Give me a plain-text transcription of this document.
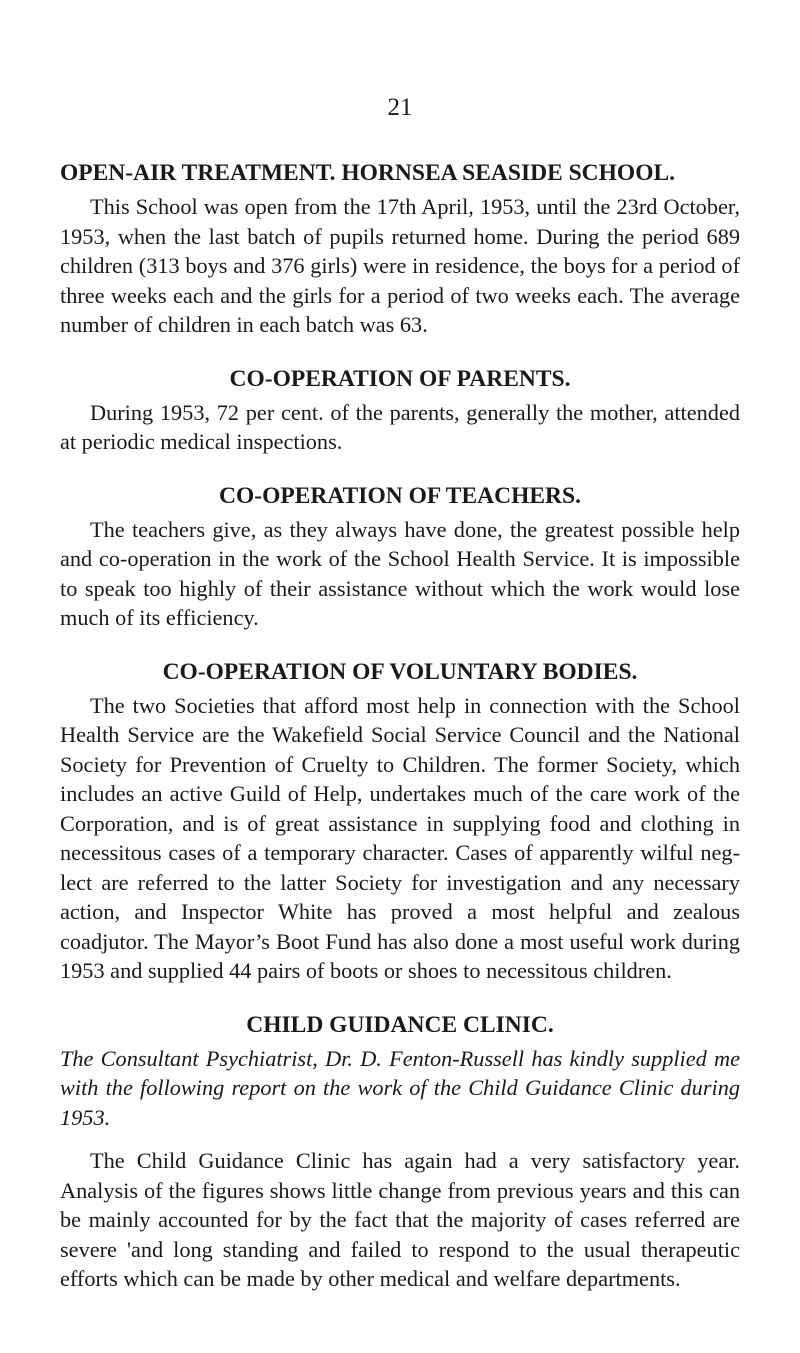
21
OPEN-AIR TREATMENT. HORNSEA SEASIDE SCHOOL.

This School was open from the 17th April, 1953, until the 23rd October, 1953, when the last batch of pupils returned home. During the period 689 children (313 boys and 376 girls) were in residence, the boys for a period of three weeks each and the girls for a period of two weeks each. The average number of children in each batch was 63.

CO-OPERATION OF PARENTS.

During 1953, 72 per cent. of the parents, generally the mother, attended at periodic medical inspections.

CO-OPERATION OF TEACHERS.

The teachers give, as they always have done, the greatest possible help and co-operation in the work of the School Health Service. It is impossible to speak too highly of their assistance without which the work would lose much of its efficiency.

CO-OPERATION OF VOLUNTARY BODIES.

The two Societies that afford most help in connection with the School Health Service are the Wakefield Social Service Council and the National Society for Prevention of Cruelty to Children. The former Society, which includes an active Guild of Help, undertakes much of the care work of the Corporation, and is of great assistance in supplying food and clothing in necessitous cases of a temporary character. Cases of apparently wilful neg- lect are referred to the latter Society for investigation and any necessary action, and Inspector White has proved a most helpful and zealous coadjutor. The Mayor’s Boot Fund has also done a most useful work during 1953 and supplied 44 pairs of boots or shoes to necessitous children.

CHILD GUIDANCE CLINIC.

The Consultant Psychiatrist, Dr. D. Fenton-Russell has kindly supplied me with the following report on the work of the Child Guidance Clinic during 1953.

The Child Guidance Clinic has again had a very satisfactory year. Analysis of the figures shows little change from previous years and this can be mainly accounted for by the fact that the majority of cases referred are severe 'and long standing and failed to respond to the usual therapeutic efforts which can be made by other medical and welfare departments.
